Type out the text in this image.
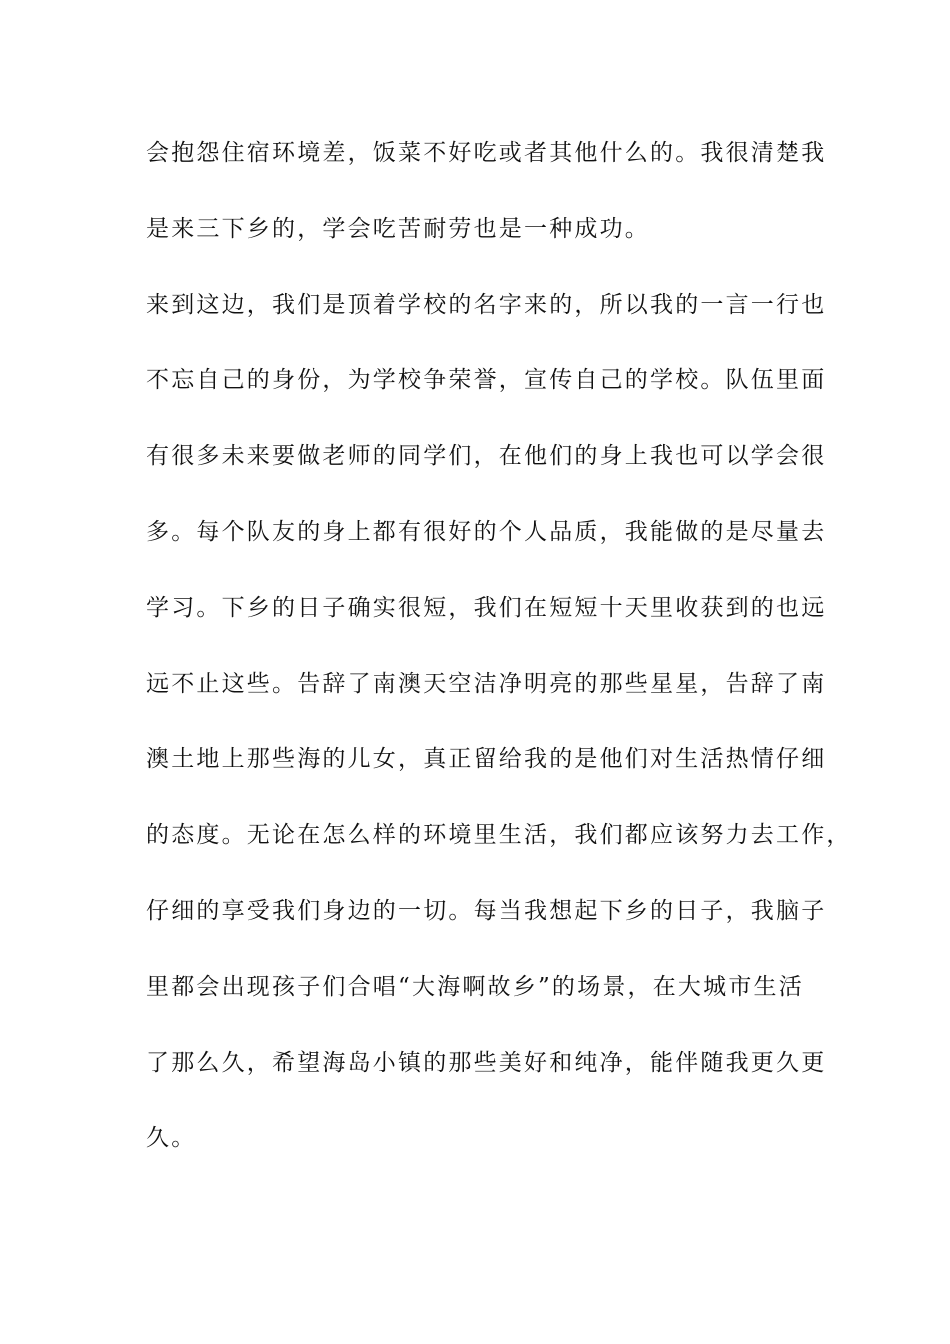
会抱怨住宿环境差，饭菜不好吃或者其他什么的。我很清楚我
是来三下乡的，学会吃苦耐劳也是一种成功。
来到这边，我们是顶着学校的名字来的，所以我的一言一行也
不忘自己的身份，为学校争荣誉，宣传自己的学校。队伍里面
有很多未来要做老师的同学们，在他们的身上我也可以学会很
多。每个队友的身上都有很好的个人品质，我能做的是尽量去
学习。下乡的日子确实很短，我们在短短十天里收获到的也远
远不止这些。告辞了南澳天空洁净明亮的那些星星，告辞了南
澳土地上那些海的儿女，真正留给我的是他们对生活热情仔细
的态度。无论在怎么样的环境里生活，我们都应该努力去工作，
仔细的享受我们身边的一切。每当我想起下乡的日子，我脑子
里都会出现孩子们合唱“大海啊故乡”的场景，在大城市生活
了那么久，希望海岛小镇的那些美好和纯净，能伴随我更久更
久。
